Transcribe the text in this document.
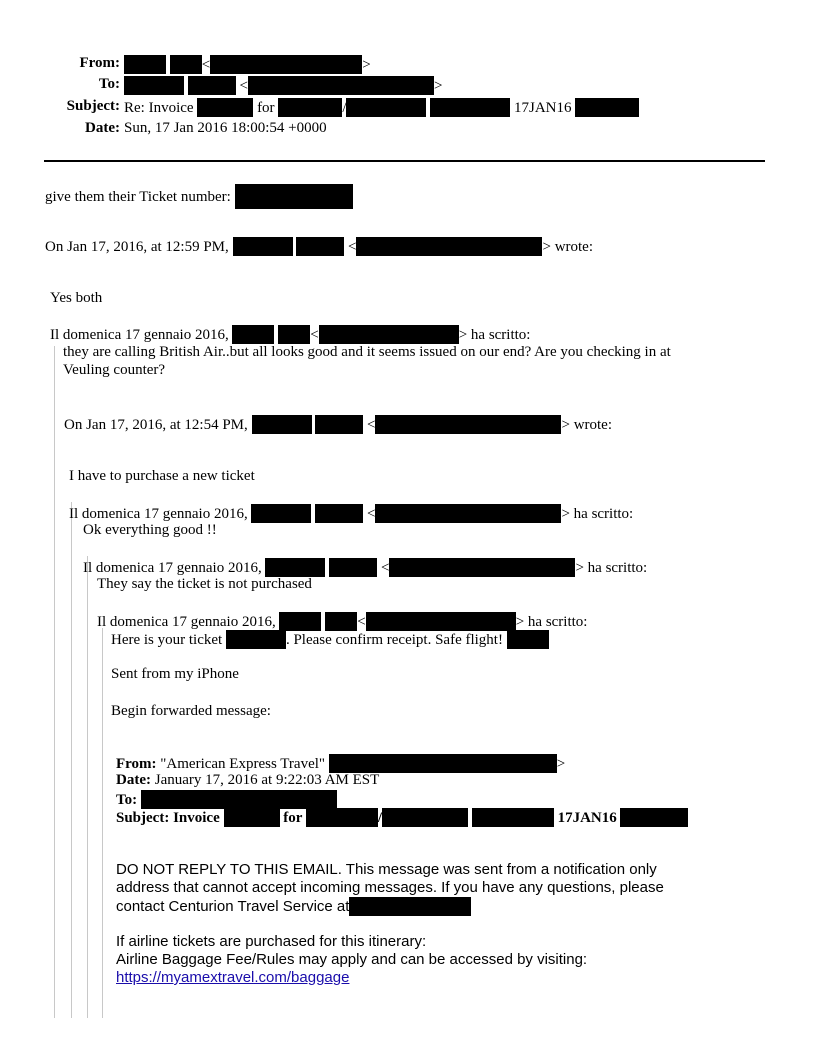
From:	<	>
To:	<	>
Subject: Re: Invoice	for	/	17JAN16
Date: Sun, 17 Jan 2016 18:00:54 +0000
give them their Ticket number:
On Jan 17, 2016, at 12:59 PM,	<	> wrote:
Yes both
Il domenica 17 gennaio 2016,	<	> ha scritto:
they are calling British Air..but all looks good and it seems issued on our end? Are you checking in at
Veuling counter?
On Jan 17, 2016, at 12:54 PM,	<	> wrote:
I have to purchase a new ticket
Il domenica 17 gennaio 2016,	<	> ha scritto:
Ok everything good !!
Il domenica 17 gennaio 2016,	<	> ha scritto:
They say the ticket is not purchased
Il domenica 17 gennaio 2016,	<	> ha scritto:
Here is your ticket	. Please confirm receipt. Safe flight!
Sent from my iPhone
Begin forwarded message:
From: "American Express Travel"	>
Date: January 17, 2016 at 9:22:03 AM EST
To:
Subject: Invoice	for	/	17JAN16
DO NOT REPLY TO THIS EMAIL. This message was sent from a notification only
address that cannot accept incoming messages. If you have any questions, please
contact Centurion Travel Service at
If airline tickets are purchased for this itinerary:
Airline Baggage Fee/Rules may apply and can be accessed by visiting:
https://myamextravel.com/baggage
